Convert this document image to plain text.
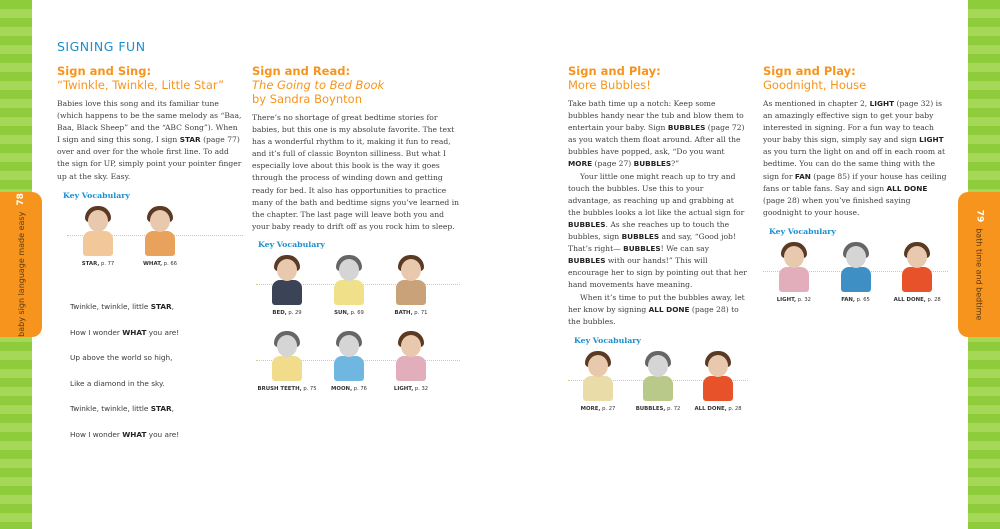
baby sign language made easy
78
79
bath time and bedtime
SIGNING FUN
Sign and Sing:
“Twinkle, Twinkle, Little Star”

Babies love this song and its familiar tune (which happens to be the same melody as “Baa, Baa, Black Sheep” and the “ABC Song”). When I sign and sing this song, I sign STAR (page 77) over and over for the whole first line. To add the sign for UP, simply point your pointer finger up at the sky. Easy.

Key Vocabulary
STAR, p. 77	WHAT, p. 66
Twinkle, twinkle, little STAR,
How I wonder WHAT you are!
Up above the world so high,
Like a diamond in the sky.
Twinkle, twinkle, little STAR,
How I wonder WHAT you are!
Sign and Read:
The Going to Bed Book
by Sandra Boynton

There’s no shortage of great bedtime stories for babies, but this one is my absolute favorite. The text has a wonderful rhythm to it, making it fun to read, and it’s full of classic Boynton silliness. But what I especially love about this book is the way it goes through the process of winding down and getting ready for bed. It also has opportunities to practice many of the bath and bedtime signs you’ve learned in the chapter. The last page will leave both you and your baby ready to drift off as you rock him to sleep.

Key Vocabulary
BED, p. 29	SUN, p. 69	BATH, p. 71
BRUSH TEETH, p. 75	MOON, p. 76	LIGHT, p. 32
Sign and Play:
More Bubbles!

Take bath time up a notch: Keep some bubbles handy near the tub and blow them to entertain your baby. Sign BUBBLES (page 72) as you watch them float around. After all the bubbles have popped, ask, “Do you want MORE (page 27) BUBBLES?”

Your little one might reach up to try and touch the bubbles. Use this to your advantage, as reaching up and grabbing at the bubbles looks a lot like the actual sign for BUBBLES. As she reaches up to touch the bubbles, sign BUBBLES and say, “Good job! That’s right— BUBBLES! We can say BUBBLES with our hands!” This will encourage her to sign by pointing out that her hand movements have meaning.

When it’s time to put the bubbles away, let her know by signing ALL DONE (page 28) to the bubbles.

Key Vocabulary
MORE, p. 27	BUBBLES, p. 72	ALL DONE, p. 28
Sign and Play:
Goodnight, House

As mentioned in chapter 2, LIGHT (page 32) is an amazingly effective sign to get your baby interested in signing. For a fun way to teach your baby this sign, simply say and sign LIGHT as you turn the light on and off in each room at bedtime. You can do the same thing with the sign for FAN (page 85) if your house has ceiling fans or table fans. Say and sign ALL DONE (page 28) when you’ve finished saying goodnight to your house.

Key Vocabulary
LIGHT, p. 32	FAN, p. 65	ALL DONE, p. 28
